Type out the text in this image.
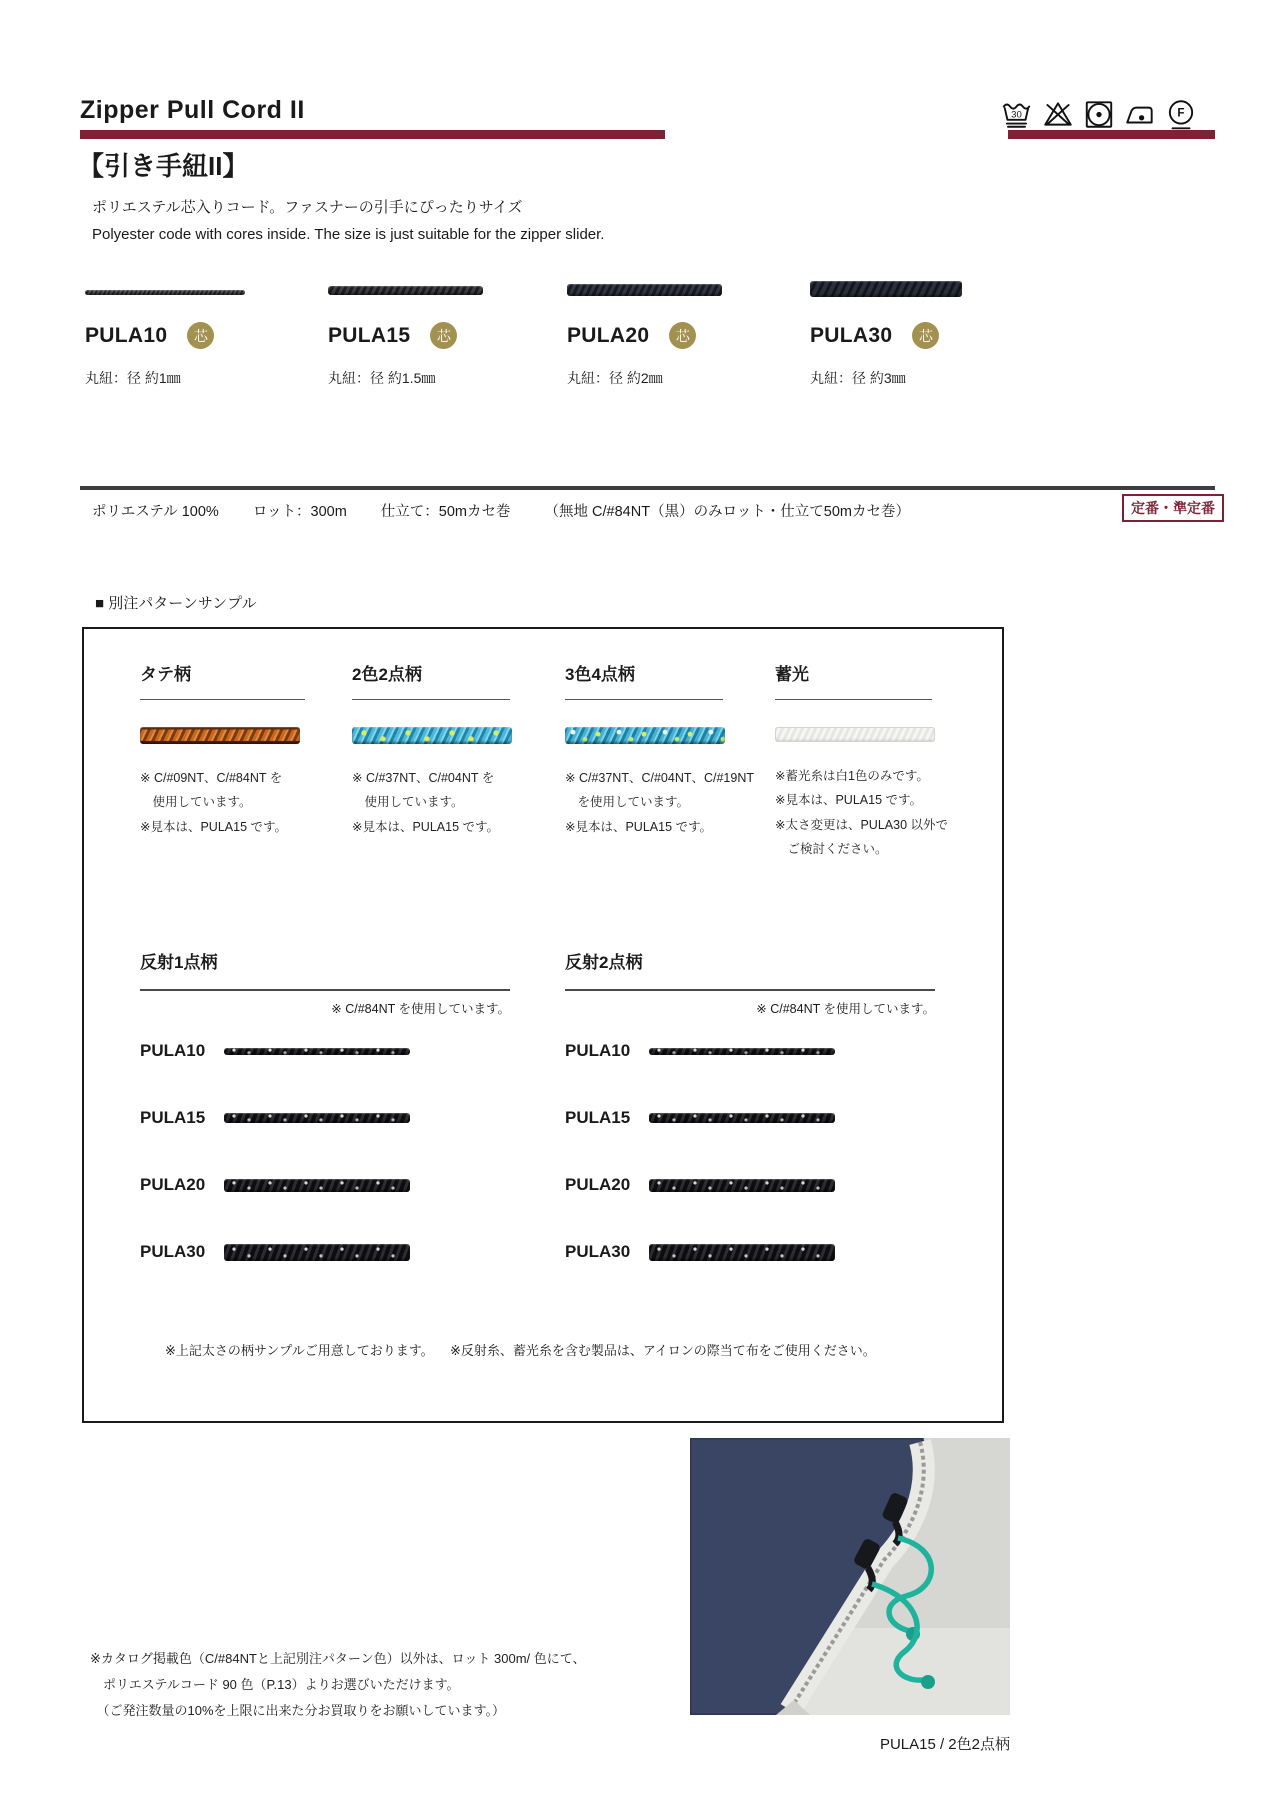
Zipper Pull Cord II	30	F
【引き手紐II】
ポリエステル芯入りコード。ファスナーの引手にぴったりサイズ
Polyester code with cores inside. The size is just suitable for the zipper slider.
PULA10	芯
丸紐：径 約1㎜
PULA15	芯
丸紐：径 約1.5㎜
PULA20	芯
丸紐：径 約2㎜
PULA30	芯
丸紐：径 約3㎜
ポリエステル 100% ロット：300m 仕立て：50mカセ巻 （無地 C/#84NT（黒）のみロット・仕立て50mカセ巻）	定番・準定番
■ 別注パターンサンプル
タテ柄
※ C/#09NT、C/#84NT を
　使用しています。
※見本は、PULA15 です。
2色2点柄
※ C/#37NT、C/#04NT を
　使用しています。
※見本は、PULA15 です。
3色4点柄
※ C/#37NT、C/#04NT、C/#19NT
　を使用しています。
※見本は、PULA15 です。
蓄光
※蓄光糸は白1色のみです。
※見本は、PULA15 です。
※太さ変更は、PULA30 以外で
　ご検討ください。
反射1点柄
※ C/#84NT を使用しています。
PULA10
PULA15
PULA20
PULA30
反射2点柄
※ C/#84NT を使用しています。
PULA10
PULA15
PULA20
PULA30
※上記太さの柄サンプルご用意しております。 ※反射糸、蓄光糸を含む製品は、アイロンの際当て布をご使用ください。
※カタログ掲載色（C/#84NTと上記別注パターン色）以外は、ロット 300m/ 色にて、
　ポリエステルコード 90 色（P.13）よりお選びいただけます。
　（ご発注数量の10%を上限に出来た分お買取りをお願いしています。）
PULA15 / 2色2点柄
